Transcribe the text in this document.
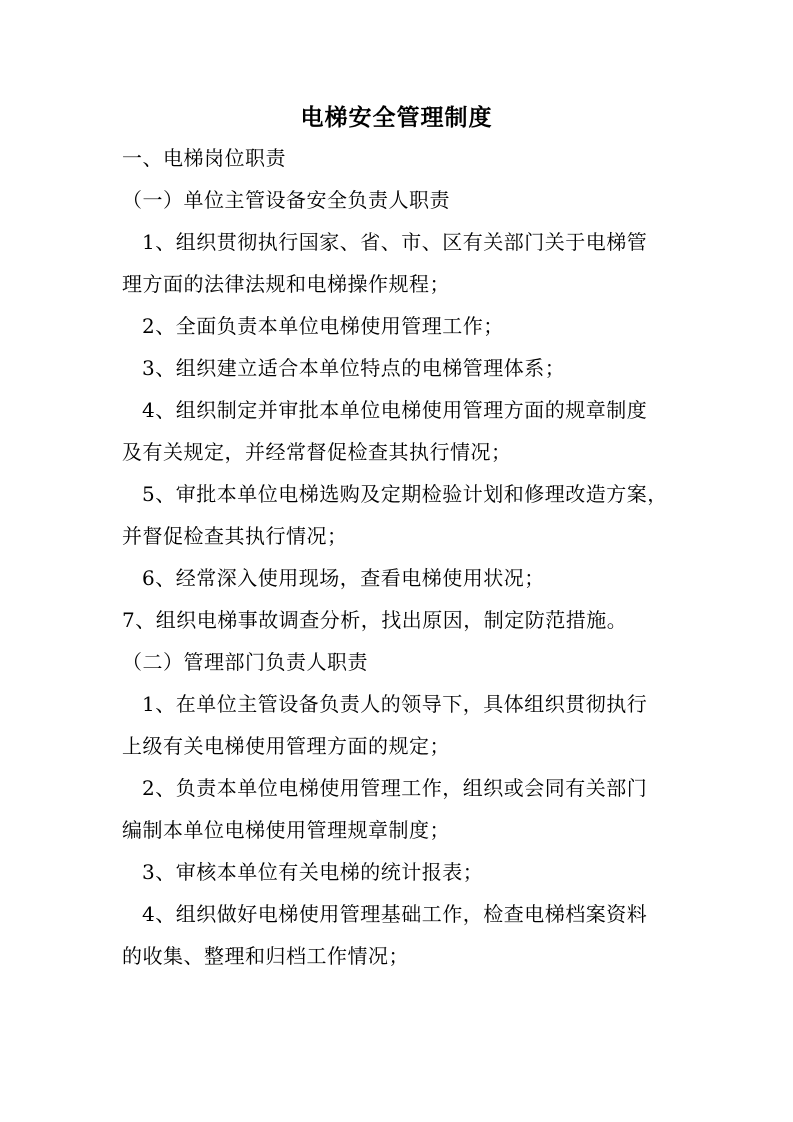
电梯安全管理制度
一、电梯岗位职责
（一）单位主管设备安全负责人职责
1、组织贯彻执行国家、省、市、区有关部门关于电梯管
理方面的法律法规和电梯操作规程；
2、全面负责本单位电梯使用管理工作；
3、组织建立适合本单位特点的电梯管理体系；
4、组织制定并审批本单位电梯使用管理方面的规章制度
及有关规定，并经常督促检查其执行情况；
5、审批本单位电梯选购及定期检验计划和修理改造方案，
并督促检查其执行情况；
6、经常深入使用现场，查看电梯使用状况；
7、组织电梯事故调查分析，找出原因，制定防范措施。
（二）管理部门负责人职责
1、在单位主管设备负责人的领导下，具体组织贯彻执行
上级有关电梯使用管理方面的规定；
2、负责本单位电梯使用管理工作，组织或会同有关部门
编制本单位电梯使用管理规章制度；
3、审核本单位有关电梯的统计报表；
4、组织做好电梯使用管理基础工作，检查电梯档案资料
的收集、整理和归档工作情况；
